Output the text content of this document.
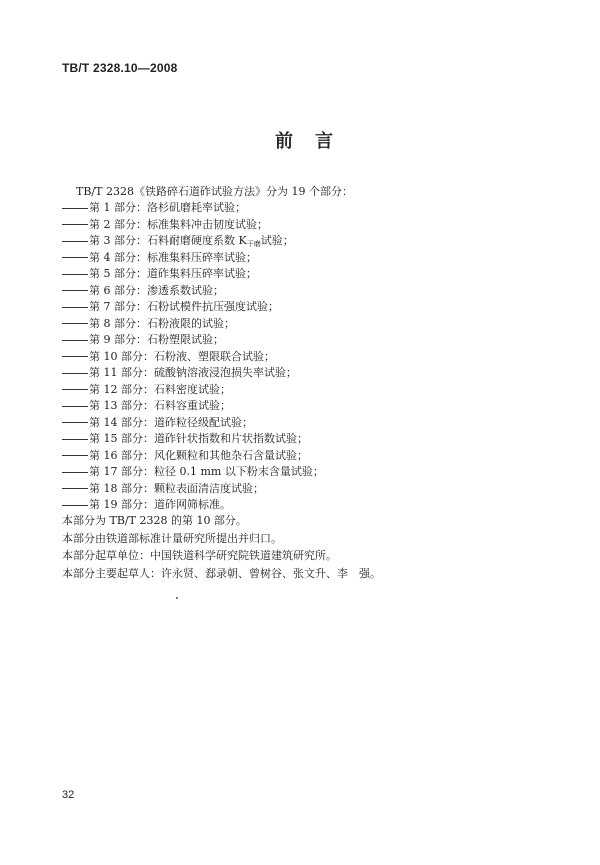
TB/T 2328.10—2008
前言
TB/T 2328《铁路碎石道砟试验方法》分为 19 个部分：
第 1 部分：洛杉矶磨耗率试验；
第 2 部分：标准集料冲击韧度试验；
第 3 部分：石料耐磨硬度系数 $K_{干磨}$试验；
第 4 部分：标准集料压碎率试验；
第 5 部分：道砟集料压碎率试验；
第 6 部分：渗透系数试验；
第 7 部分：石粉试模件抗压强度试验；
第 8 部分：石粉液限的试验；
第 9 部分：石粉塑限试验；
第 10 部分：石粉液、塑限联合试验；
第 11 部分：硫酸钠溶液浸泡损失率试验；
第 12 部分：石料密度试验；
第 13 部分：石料容重试验；
第 14 部分：道砟粒径级配试验；
第 15 部分：道砟针状指数和片状指数试验；
第 16 部分：风化颗粒和其他杂石含量试验；
第 17 部分：粒径 0.1 mm 以下粉末含量试验；
第 18 部分：颗粒表面清洁度试验；
第 19 部分：道砟网筛标准。
本部分为 TB/T 2328 的第 10 部分。
本部分由铁道部标准计量研究所提出并归口。
本部分起草单位：中国铁道科学研究院铁道建筑研究所。
本部分主要起草人：许永贤、郄录朝、曾树谷、张文升、李　强。
32
